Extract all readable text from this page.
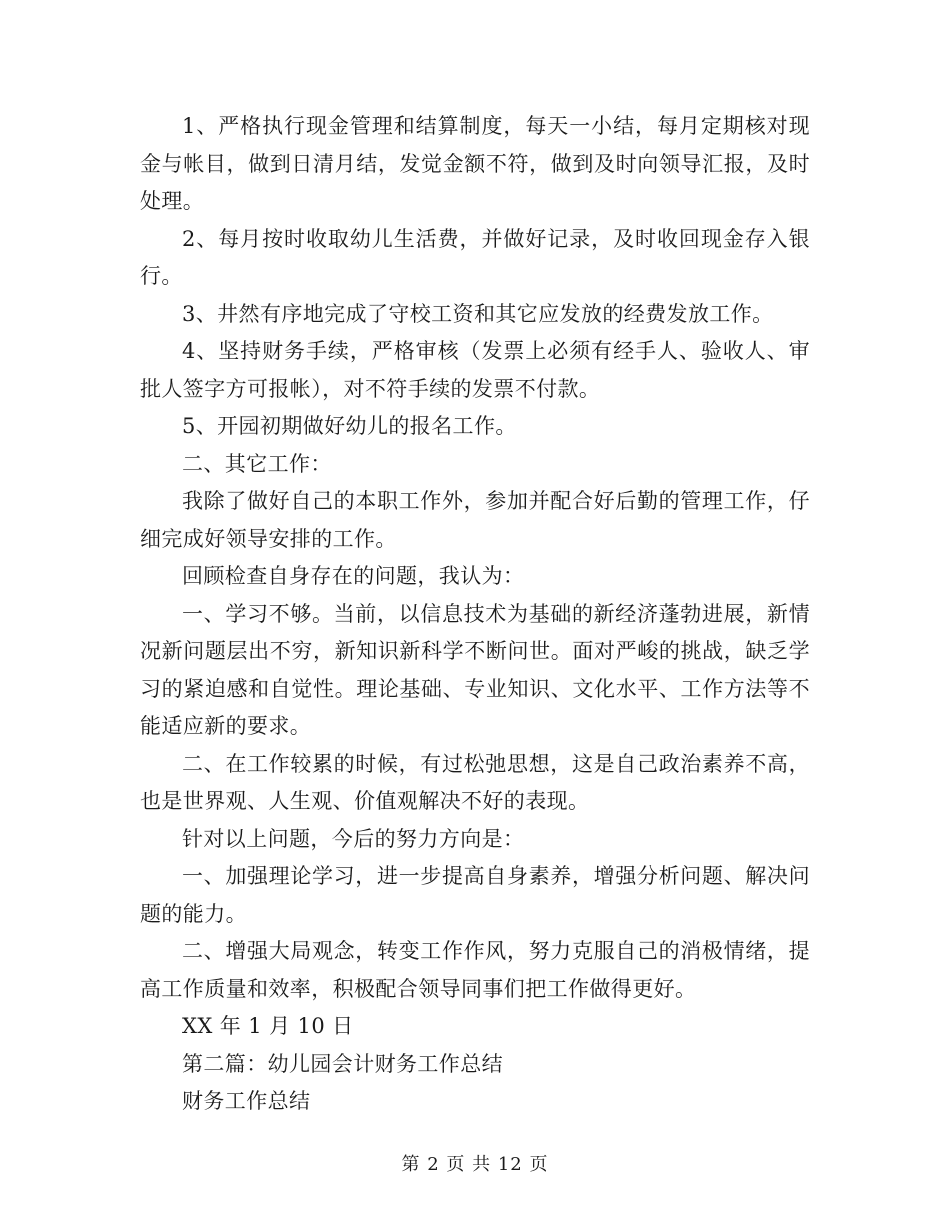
1、严格执行现金管理和结算制度，每天一小结，每月定期核对现金与帐目，做到日清月结，发觉金额不符，做到及时向领导汇报，及时处理。

2、每月按时收取幼儿生活费，并做好记录，及时收回现金存入银行。

3、井然有序地完成了守校工资和其它应发放的经费发放工作。

4、坚持财务手续，严格审核（发票上必须有经手人、验收人、审批人签字方可报帐），对不符手续的发票不付款。

5、开园初期做好幼儿的报名工作。

二、其它工作：

我除了做好自己的本职工作外，参加并配合好后勤的管理工作，仔细完成好领导安排的工作。

回顾检查自身存在的问题，我认为：

一、学习不够。当前，以信息技术为基础的新经济蓬勃进展，新情况新问题层出不穷，新知识新科学不断问世。面对严峻的挑战，缺乏学习的紧迫感和自觉性。理论基础、专业知识、文化水平、工作方法等不能适应新的要求。

二、在工作较累的时候，有过松弛思想，这是自己政治素养不高，也是世界观、人生观、价值观解决不好的表现。

针对以上问题，今后的努力方向是：

一、加强理论学习，进一步提高自身素养，增强分析问题、解决问题的能力。

二、增强大局观念，转变工作作风，努力克服自己的消极情绪，提高工作质量和效率，积极配合领导同事们把工作做得更好。

XX 年 1 月 10 日

第二篇：幼儿园会计财务工作总结

财务工作总结

第 2 页 共 12 页
